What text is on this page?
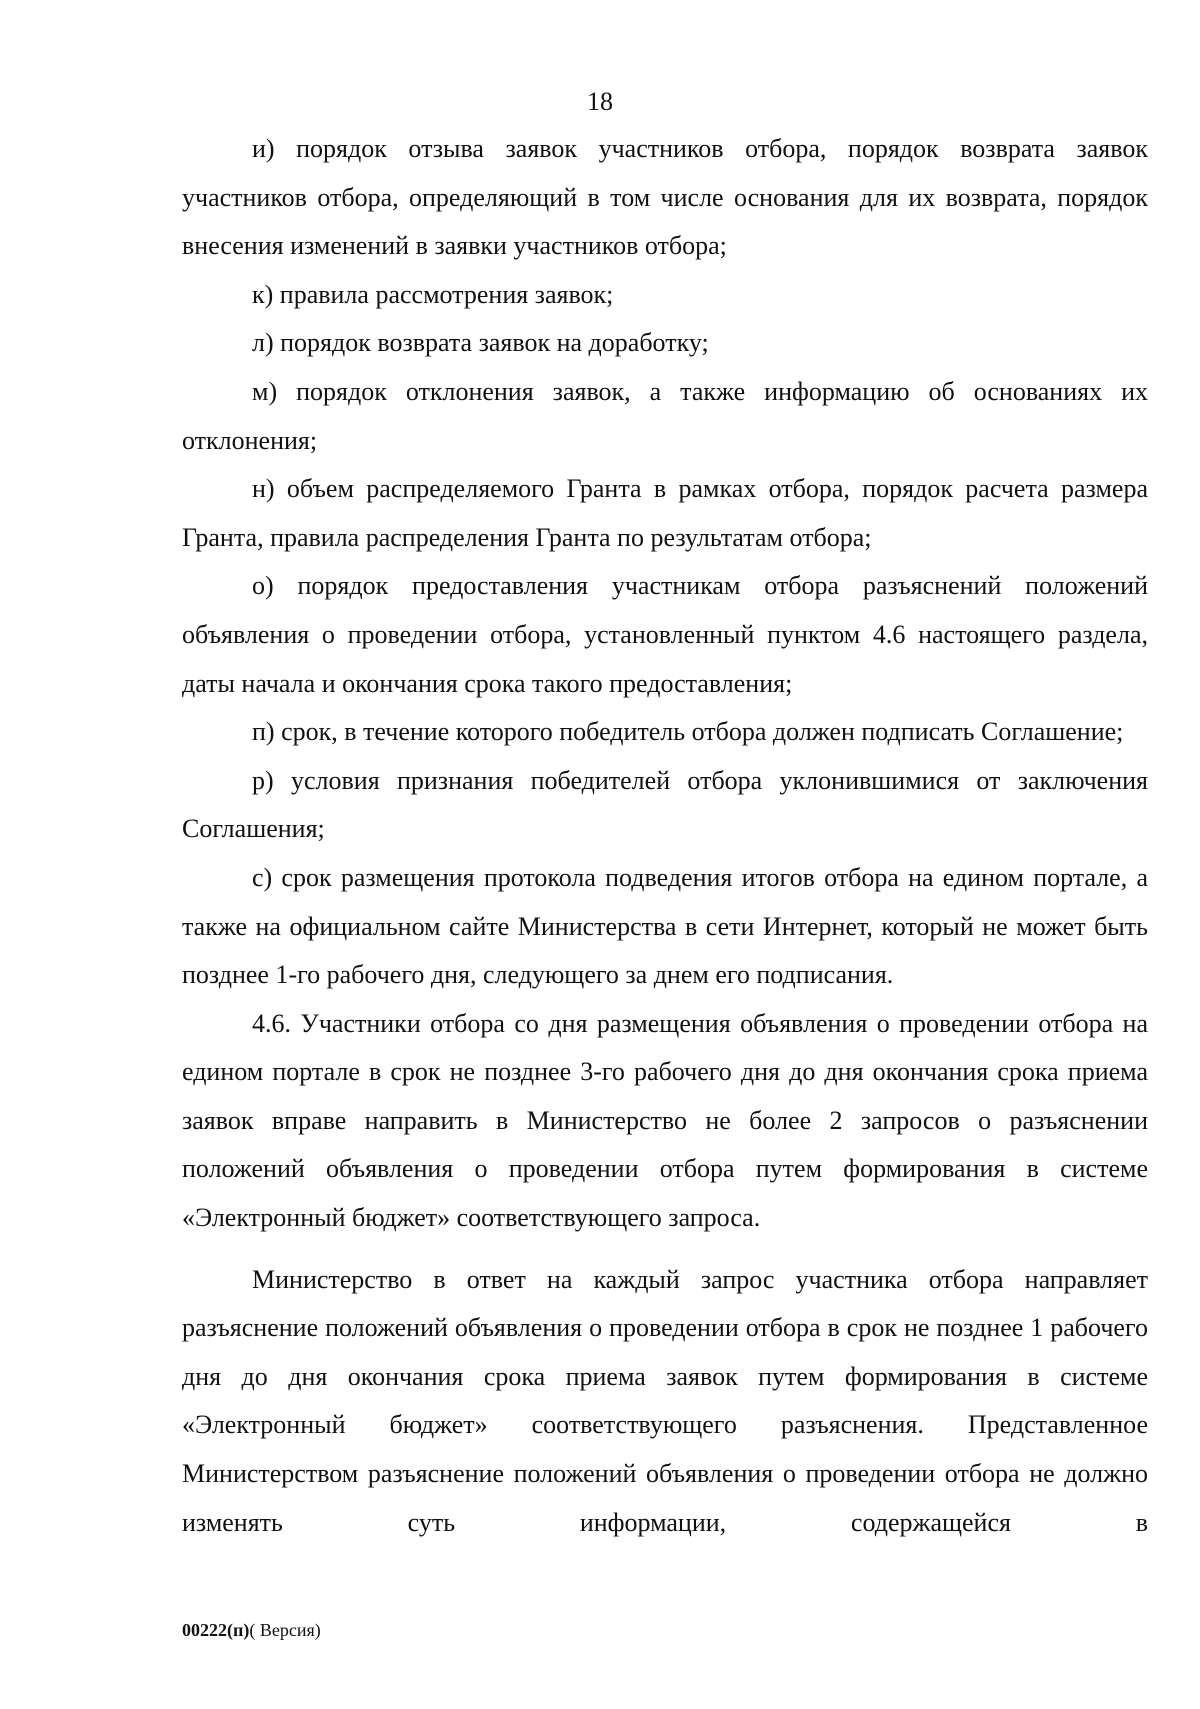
18

и) порядок отзыва заявок участников отбора, порядок возврата заявок участников отбора, определяющий в том числе основания для их возврата, порядок внесения изменений в заявки участников отбора;

к) правила рассмотрения заявок;

л) порядок возврата заявок на доработку;

м) порядок отклонения заявок, а также информацию об основаниях их отклонения;

н) объем распределяемого Гранта в рамках отбора, порядок расчета размера Гранта, правила распределения Гранта по результатам отбора;

о) порядок предоставления участникам отбора разъяснений положений объявления о проведении отбора, установленный пунктом 4.6 настоящего раздела, даты начала и окончания срока такого предоставления;

п) срок, в течение которого победитель отбора должен подписать Соглашение;

р) условия признания победителей отбора уклонившимися от заключения Соглашения;

с) срок размещения протокола подведения итогов отбора на едином портале, а также на официальном сайте Министерства в сети Интернет, который не может быть позднее 1-го рабочего дня, следующего за днем его подписания.

4.6. Участники отбора со дня размещения объявления о проведении отбора на едином портале в срок не позднее 3-го рабочего дня до дня окончания срока приема заявок вправе направить в Министерство не более 2 запросов о разъяснении положений объявления о проведении отбора путем формирования в системе «Электронный бюджет» соответствующего запроса.

Министерство в ответ на каждый запрос участника отбора направляет разъяснение положений объявления о проведении отбора в срок не позднее 1 рабочего дня до дня окончания срока приема заявок путем формирования в системе «Электронный бюджет» соответствующего разъяснения. Представленное Министерством разъяснение положений объявления о проведении отбора не должно изменять суть информации, содержащейся в

00222(п)( Версия)
